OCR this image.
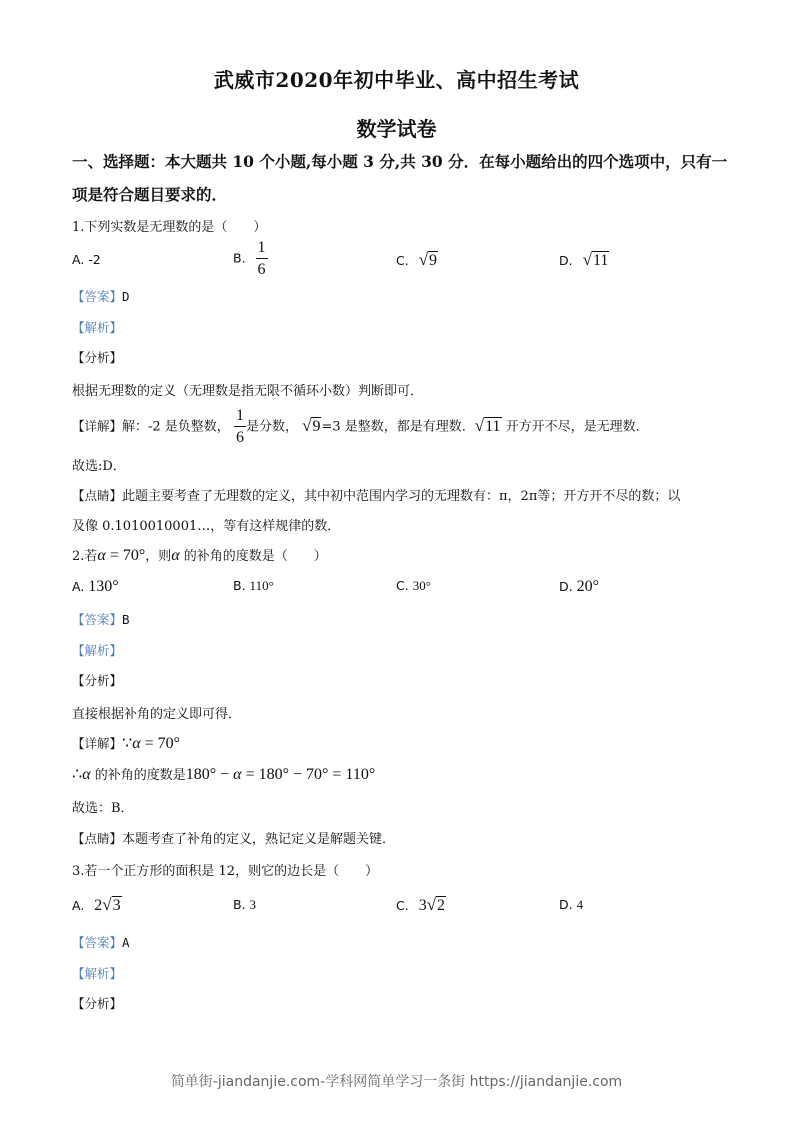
武威市2020年初中毕业、高中招生考试
数学试卷
一、选择题：本大题共 10 个小题,每小题 3 分,共 30 分．在每小题给出的四个选项中，只有一
项是符合题目要求的．
1.下列实数是无理数的是（　　）
A. -2	B. $\frac{1}{6}$	C. √9	D. √11
【答案】D
【解析】
【分析】
根据无理数的定义（无理数是指无限不循环小数）判断即可．
【详解】解：-2 是负整数， $\frac{1}{6}$ 是分数， √9=3 是整数，都是有理数．√11 开方开不尽，是无理数．
故选:D．
【点睛】此题主要考查了无理数的定义，其中初中范围内学习的无理数有：π，2π等；开方开不尽的数；以
及像 0.1010010001…，等有这样规律的数．
2.若α = 70°，则α 的补角的度数是（　　）
A. 130°	B. 110°	C. 30°	D. 20°
【答案】B
【解析】
【分析】
直接根据补角的定义即可得．
【详解】∵α = 70°
∴α 的补角的度数是180° − α = 180° − 70° = 110°
故选：B．
【点睛】本题考查了补角的定义，熟记定义是解题关键．
3.若一个正方形的面积是 12，则它的边长是（　　）
A. 2√3	B. 3	C. 3√2	D. 4
【答案】A
【解析】
【分析】
简单街-jiandanjie.com-学科网简单学习一条街 https://jiandanjie.com
